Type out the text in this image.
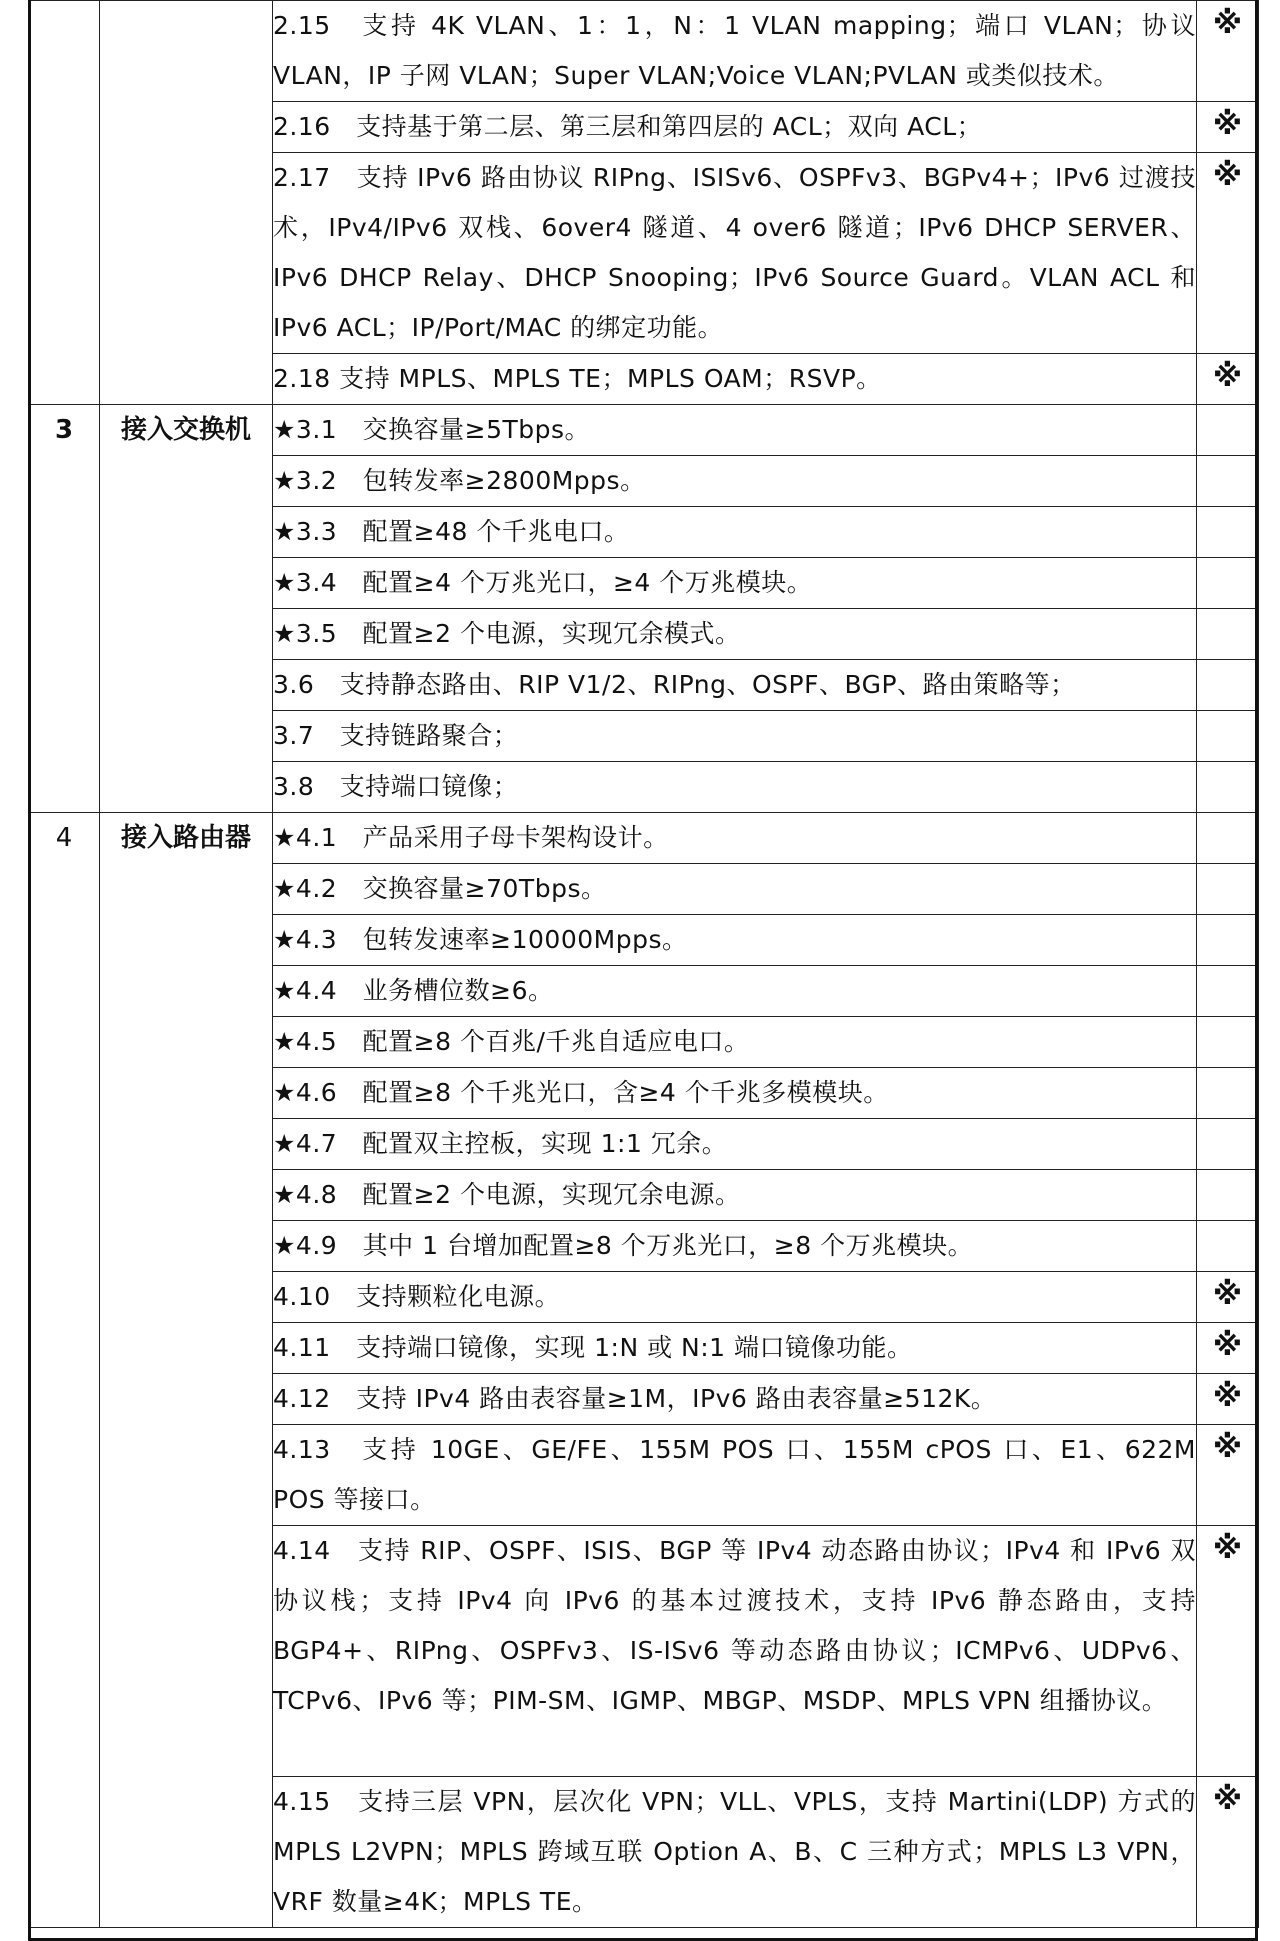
		2.15　支持 4K VLAN、1：1，N：1 VLAN mapping；端口 VLAN；协议 VLAN，IP 子网 VLAN；Super VLAN;Voice VLAN;PVLAN 或类似技术。	※
		2.16　支持基于第二层、第三层和第四层的 ACL；双向 ACL；	※
		2.17　支持 IPv6 路由协议 RIPng、ISISv6、OSPFv3、BGPv4+；IPv6 过渡技术，IPv4/IPv6 双栈、6over4 隧道、4 over6 隧道；IPv6 DHCP SERVER、IPv6 DHCP Relay、DHCP Snooping；IPv6 Source Guard。VLAN ACL 和 IPv6 ACL；IP/Port/MAC 的绑定功能。	※
		2.18 支持 MPLS、MPLS TE；MPLS OAM；RSVP。	※
3	接入交换机	★3.1　交换容量≥5Tbps。	
		★3.2　包转发率≥2800Mpps。	
		★3.3　配置≥48 个千兆电口。	
		★3.4　配置≥4 个万兆光口，≥4 个万兆模块。	
		★3.5　配置≥2 个电源，实现冗余模式。	
		3.6　支持静态路由、RIP V1/2、RIPng、OSPF、BGP、路由策略等；	
		3.7　支持链路聚合；	
		3.8　支持端口镜像；	
4	接入路由器	★4.1　产品采用子母卡架构设计。	
		★4.2　交换容量≥70Tbps。	
		★4.3　包转发速率≥10000Mpps。	
		★4.4　业务槽位数≥6。	
		★4.5　配置≥8 个百兆/千兆自适应电口。	
		★4.6　配置≥8 个千兆光口，含≥4 个千兆多模模块。	
		★4.7　配置双主控板，实现 1:1 冗余。	
		★4.8　配置≥2 个电源，实现冗余电源。	
		★4.9　其中 1 台增加配置≥8 个万兆光口，≥8 个万兆模块。	
		4.10　支持颗粒化电源。	※
		4.11　支持端口镜像，实现 1:N 或 N:1 端口镜像功能。	※
		4.12　支持 IPv4 路由表容量≥1M，IPv6 路由表容量≥512K。	※
		4.13　支持 10GE、GE/FE、155M POS 口、155M cPOS 口、E1、622M POS 等接口。	※
		4.14　支持 RIP、OSPF、ISIS、BGP 等 IPv4 动态路由协议；IPv4 和 IPv6 双协议栈；支持 IPv4 向 IPv6 的基本过渡技术，支持 IPv6 静态路由，支持 BGP4+、RIPng、OSPFv3、IS-ISv6 等动态路由协议；ICMPv6、UDPv6、TCPv6、IPv6 等；PIM-SM、IGMP、MBGP、MSDP、MPLS VPN 组播协议。	※
		4.15　支持三层 VPN，层次化 VPN；VLL、VPLS，支持 Martini(LDP) 方式的 MPLS L2VPN；MPLS 跨域互联 Option A、B、C 三种方式；MPLS L3 VPN，VRF 数量≥4K；MPLS TE。	※
